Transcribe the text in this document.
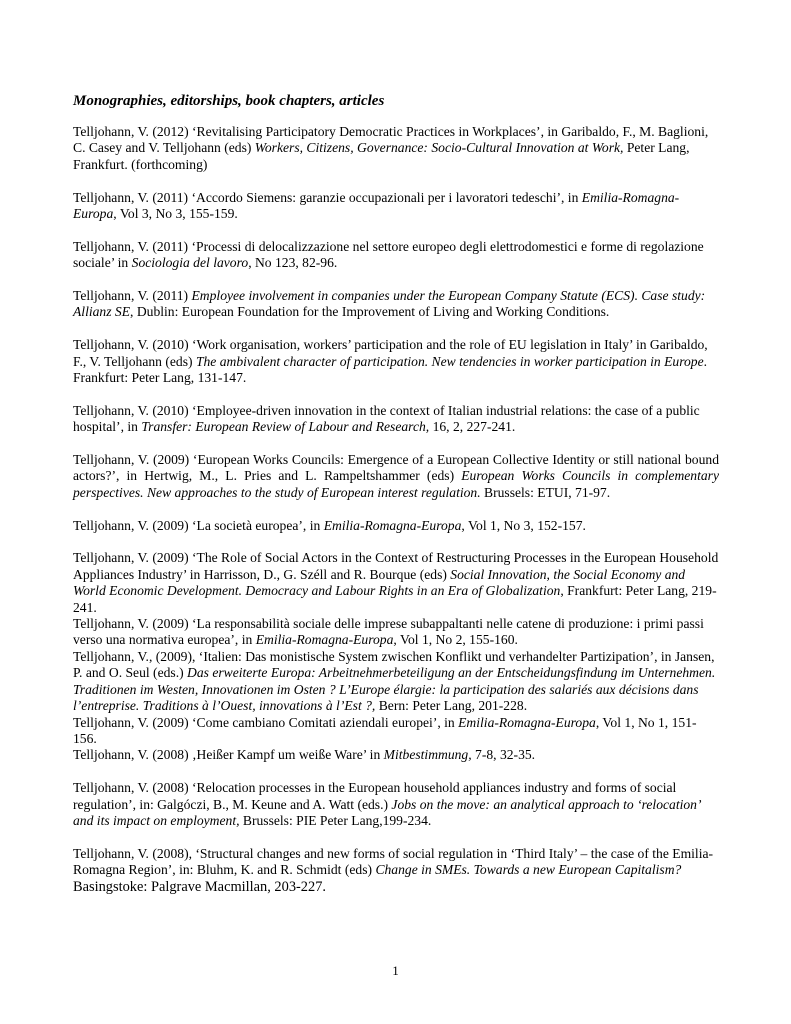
Monographies, editorships, book chapters, articles

Telljohann, V. (2012) ‘Revitalising Participatory Democratic Practices in Workplaces’, in Garibaldo, F., M. Baglioni, C. Casey and V. Telljohann (eds) Workers, Citizens, Governance: Socio-Cultural Innovation at Work, Peter Lang, Frankfurt. (forthcoming)

Telljohann, V. (2011) ‘Accordo Siemens: garanzie occupazionali per i lavoratori tedeschi’, in Emilia-Romagna-Europa, Vol 3, No 3, 155-159.

Telljohann, V. (2011) ‘Processi di delocalizzazione nel settore europeo degli elettrodomestici e forme di regolazione sociale’ in Sociologia del lavoro, No 123, 82-96.

Telljohann, V. (2011) Employee involvement in companies under the European Company Statute (ECS). Case study: Allianz SE, Dublin: European Foundation for the Improvement of Living and Working Conditions.

Telljohann, V. (2010) ‘Work organisation, workers’ participation and the role of EU legislation in Italy’ in Garibaldo, F., V. Telljohann (eds) The ambivalent character of participation. New tendencies in worker participation in Europe. Frankfurt: Peter Lang, 131-147.

Telljohann, V. (2010) ‘Employee-driven innovation in the context of Italian industrial relations: the case of a public hospital’, in Transfer: European Review of Labour and Research, 16, 2, 227-241.

Telljohann, V. (2009) ‘European Works Councils: Emergence of a European Collective Identity or still national bound actors?’, in Hertwig, M., L. Pries and L. Rampeltshammer (eds) European Works Councils in complementary perspectives. New approaches to the study of European interest regulation. Brussels: ETUI, 71-97.

Telljohann, V. (2009) ‘La società europea’, in Emilia-Romagna-Europa, Vol 1, No 3, 152-157.

Telljohann, V. (2009) ‘The Role of Social Actors in the Context of Restructuring Processes in the European Household Appliances Industry’ in Harrisson, D., G. Széll and R. Bourque (eds) Social Innovation, the Social Economy and World Economic Development. Democracy and Labour Rights in an Era of Globalization, Frankfurt: Peter Lang, 219-241.

Telljohann, V. (2009) ‘La responsabilità sociale delle imprese subappaltanti nelle catene di produzione: i primi passi verso una normativa europea’, in Emilia-Romagna-Europa, Vol 1, No 2, 155-160.

Telljohann, V., (2009), ‘Italien: Das monistische System zwischen Konflikt und verhandelter Partizipation’, in Jansen, P. and O. Seul (eds.) Das erweiterte Europa: Arbeitnehmerbeteiligung an der Entscheidungsfindung im Unternehmen. Traditionen im Westen, Innovationen im Osten ? L’Europe élargie: la participation des salariés aux décisions dans l’entreprise. Traditions à l’Ouest, innovations à l’Est ?, Bern: Peter Lang, 201-228.

Telljohann, V. (2009) ‘Come cambiano Comitati aziendali europei’, in Emilia-Romagna-Europa, Vol 1, No 1, 151-156.

Telljohann, V. (2008) ‚Heißer Kampf um weiße Ware’ in Mitbestimmung, 7-8, 32-35.

Telljohann, V. (2008) ‘Relocation processes in the European household appliances industry and forms of social regulation’, in: Galgóczi, B., M. Keune and A. Watt (eds.) Jobs on the move: an analytical approach to ‘relocation’ and its impact on employment, Brussels: PIE Peter Lang,199-234.

Telljohann, V. (2008), ‘Structural changes and new forms of social regulation in ‘Third Italy’ – the case of the Emilia-Romagna Region’, in: Bluhm, K. and R. Schmidt (eds) Change in SMEs. Towards a new European Capitalism? Basingstoke: Palgrave Macmillan, 203-227.

1
